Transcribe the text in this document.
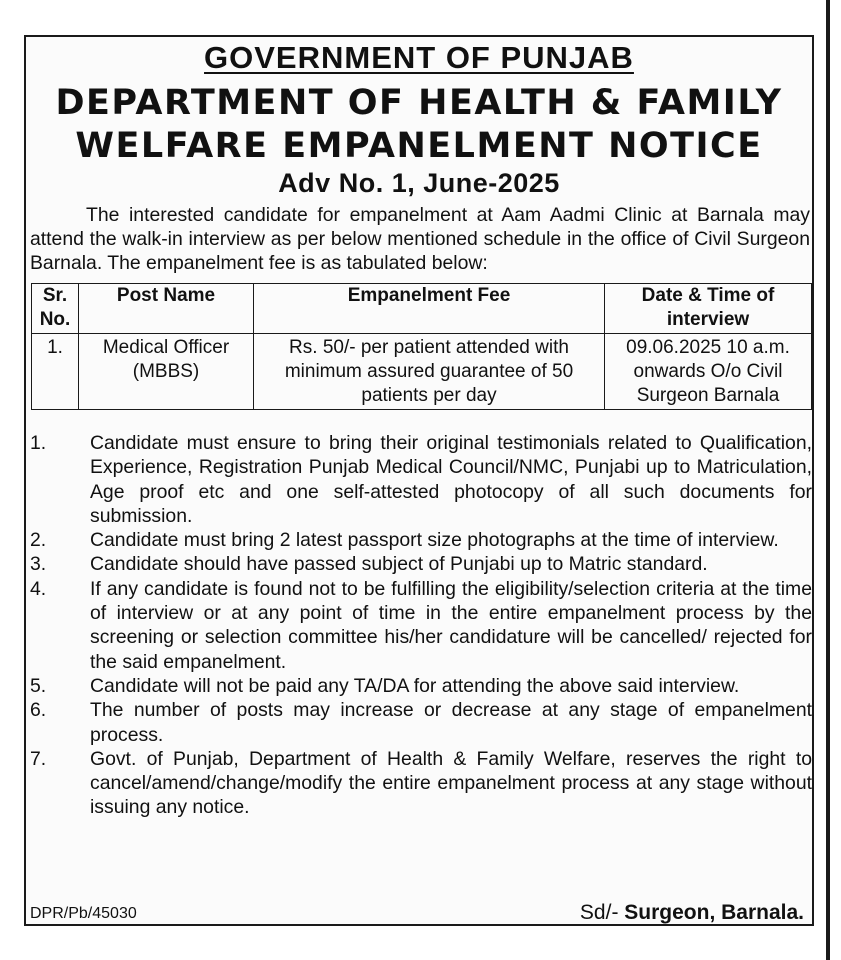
GOVERNMENT OF PUNJAB
DEPARTMENT OF HEALTH & FAMILY
WELFARE EMPANELMENT NOTICE
Adv No. 1, June-2025

The interested candidate for empanelment at Aam Aadmi Clinic at Barnala may attend the walk-in interview as per below mentioned schedule in the office of Civil Surgeon Barnala. The empanelment fee is as tabulated below:

Sr. No.	Post Name	Empanelment Fee	Date & Time of interview
1.	Medical Officer (MBBS)	Rs. 50/- per patient attended with minimum assured guarantee of 50 patients per day	09.06.2025 10 a.m. onwards O/o Civil Surgeon Barnala
1.	Candidate must ensure to bring their original testimonials related to Qualification, Experience, Registration Punjab Medical Council/NMC, Punjabi up to Matriculation, Age proof etc and one self-attested photocopy of all such documents for submission.
2.	Candidate must bring 2 latest passport size photographs at the time of interview.
3.	Candidate should have passed subject of Punjabi up to Matric standard.
4.	If any candidate is found not to be fulfilling the eligibility/selection criteria at the time of interview or at any point of time in the entire empanelment process by the screening or selection committee his/her candidature will be cancelled/ rejected for the said empanelment.
5.	Candidate will not be paid any TA/DA for attending the above said interview.
6.	The number of posts may increase or decrease at any stage of empanelment process.
7.	Govt. of Punjab, Department of Health & Family Welfare, reserves the right to cancel/amend/change/modify the entire empanelment process at any stage without issuing any notice.
DPR/Pb/45030	Sd/- Surgeon, Barnala.
